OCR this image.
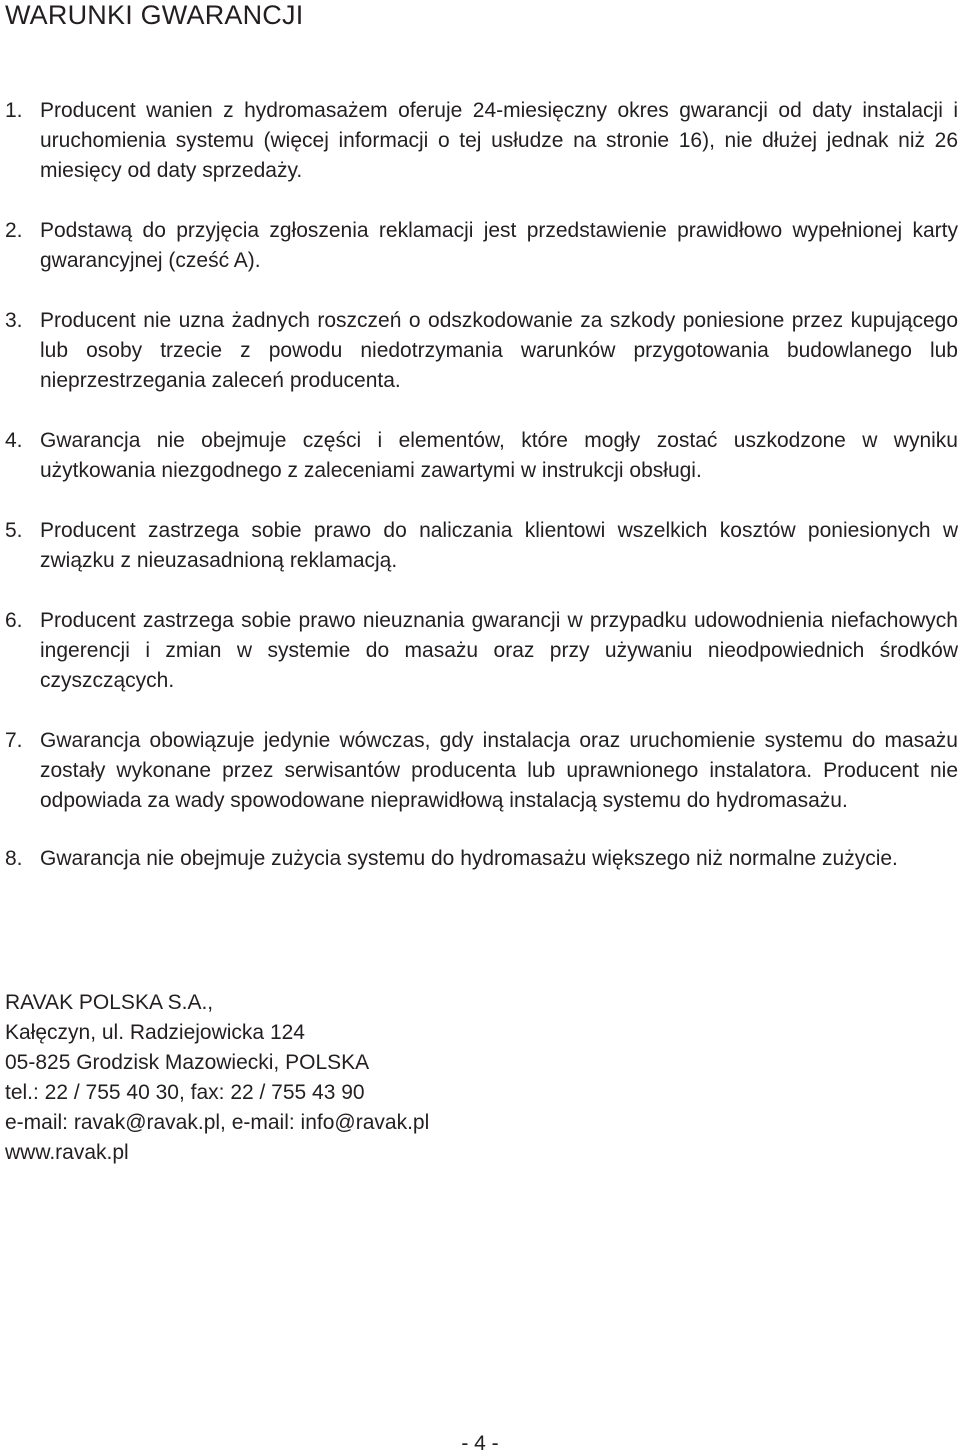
WARUNKI GWARANCJI
1. Producent wanien z hydromasażem oferuje 24-miesięczny okres gwarancji od daty instalacji i uruchomienia systemu (więcej informacji o tej usłudze na stronie 16), nie dłużej jednak niż 26 miesięcy od daty sprzedaży.
2. Podstawą do przyjęcia zgłoszenia reklamacji jest przedstawienie prawidłowo wypełnionej karty gwarancyjnej (cześć A).
3. Producent nie uzna żadnych roszczeń o odszkodowanie za szkody poniesione przez kupującego lub osoby trzecie z powodu niedotrzymania warunków przygotowania budowlanego lub nieprzestrzegania zaleceń producenta.
4. Gwarancja nie obejmuje części i elementów, które mogły zostać uszkodzone w wyniku użytkowania niezgodnego z zaleceniami zawartymi w instrukcji obsługi.
5. Producent zastrzega sobie prawo do naliczania klientowi wszelkich kosztów poniesionych w związku z nieuzasadnioną reklamacją.
6. Producent zastrzega sobie prawo nieuznania gwarancji w przypadku udowodnienia niefachowych ingerencji i zmian w systemie do masażu oraz przy używaniu nieodpowiednich środków czyszczących.
7. Gwarancja obowiązuje jedynie wówczas, gdy instalacja oraz uruchomienie systemu do masażu zostały wykonane przez serwisantów producenta lub uprawnionego instalatora. Producent nie odpowiada za wady spowodowane nieprawidłową instalacją systemu do hydromasażu.
8. Gwarancja nie obejmuje zużycia systemu do hydromasażu większego niż normalne zużycie.
RAVAK POLSKA S.A.,
Kałęczyn, ul. Radziejowicka 124
05-825 Grodzisk Mazowiecki, POLSKA
tel.: 22 / 755 40 30, fax: 22 / 755 43 90
e-mail: ravak@ravak.pl, e-mail: info@ravak.pl
www.ravak.pl
- 4 -
